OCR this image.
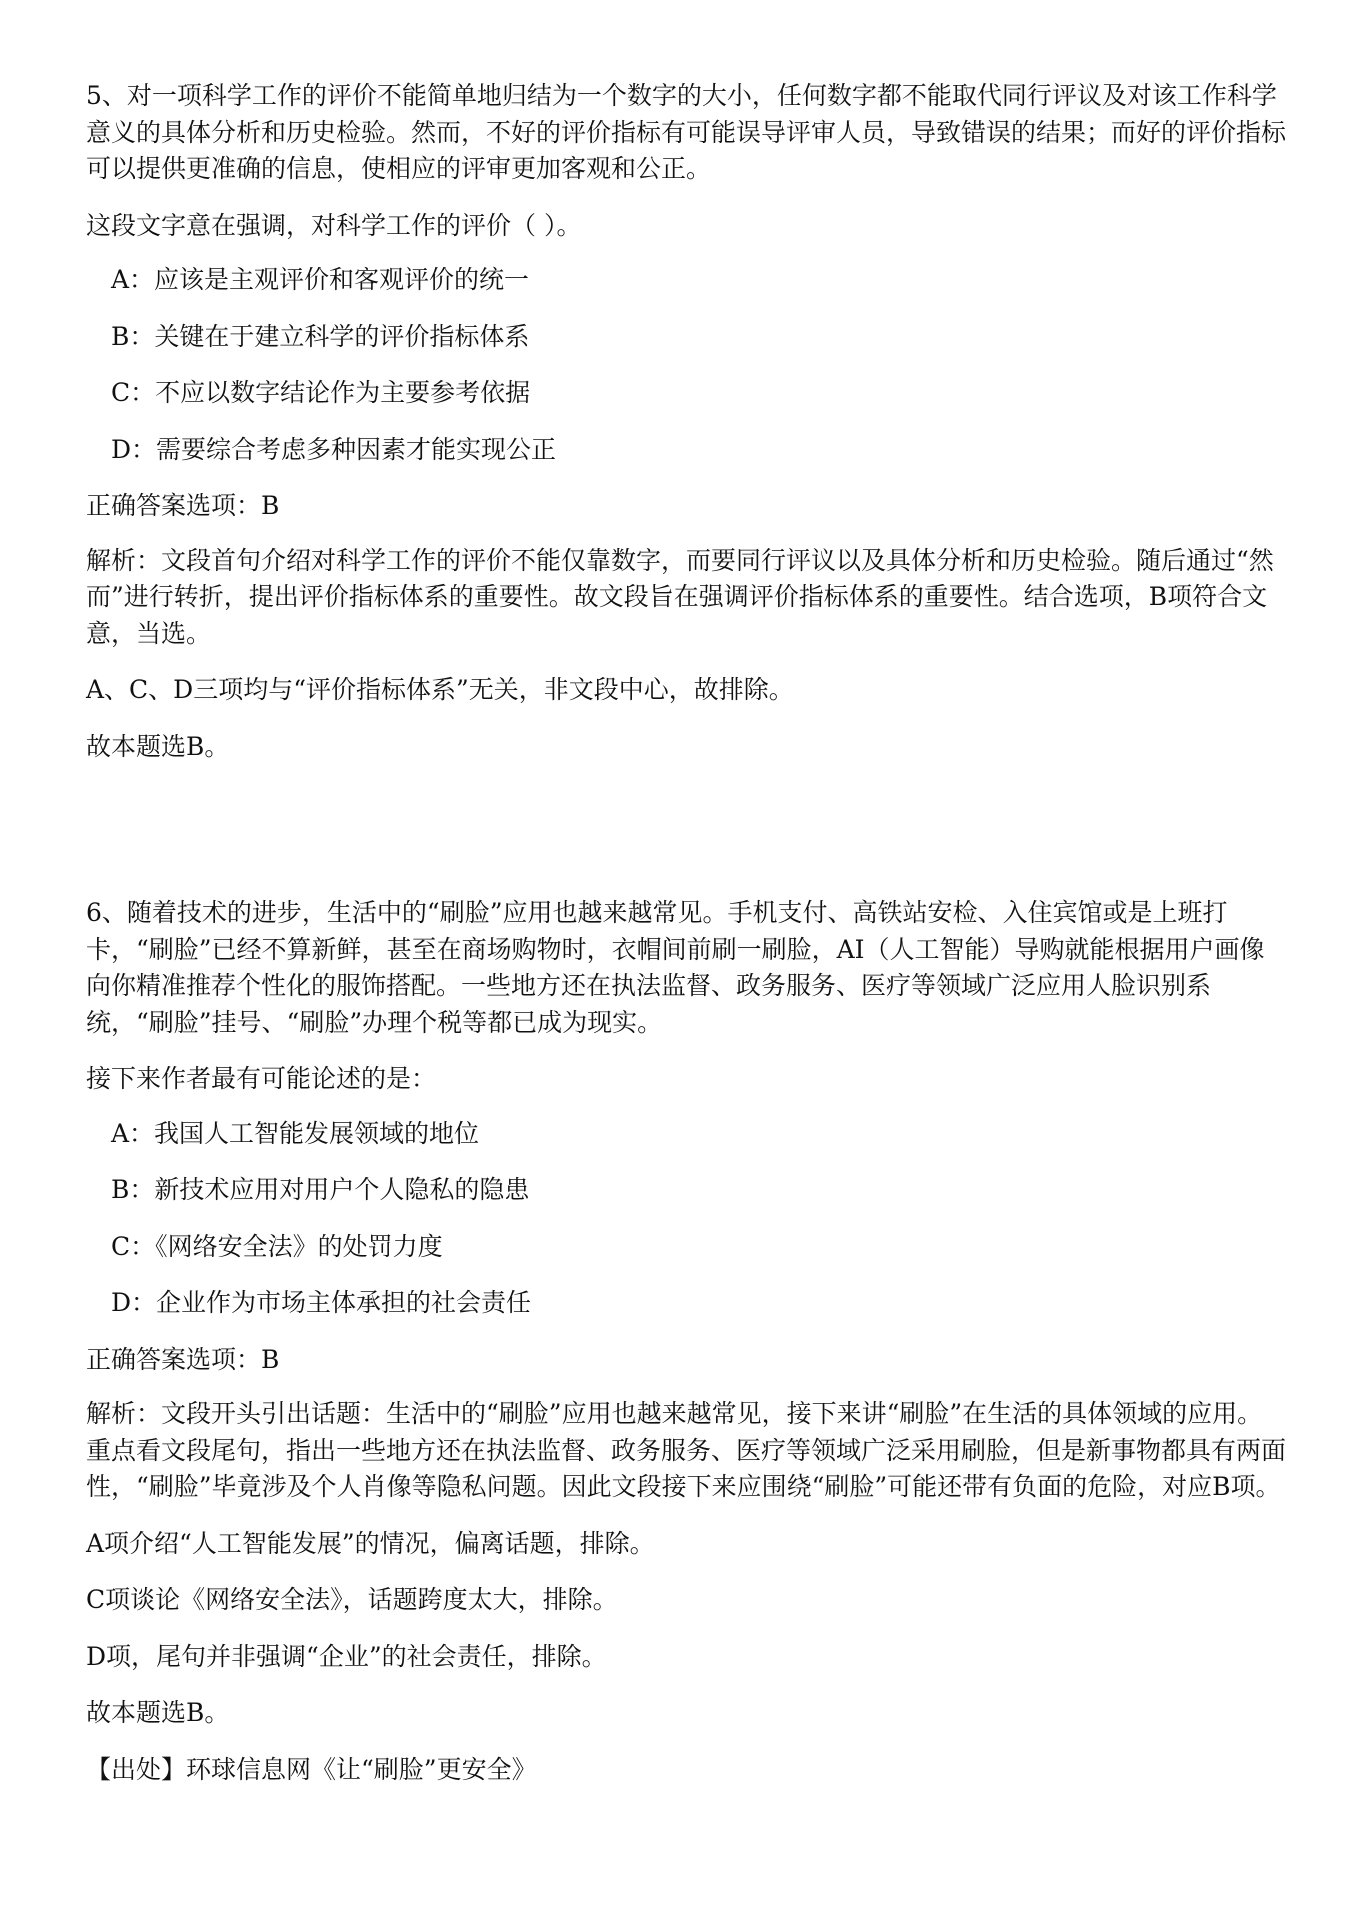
5、对一项科学工作的评价不能简单地归结为一个数字的大小，任何数字都不能取代同行评议及对该工作科学意义的具体分析和历史检验。然而，不好的评价指标有可能误导评审人员，导致错误的结果；而好的评价指标可以提供更准确的信息，使相应的评审更加客观和公正。

这段文字意在强调，对科学工作的评价（ ）。

A：应该是主观评价和客观评价的统一

B：关键在于建立科学的评价指标体系

C：不应以数字结论作为主要参考依据

D：需要综合考虑多种因素才能实现公正

正确答案选项：B

解析：文段首句介绍对科学工作的评价不能仅靠数字，而要同行评议以及具体分析和历史检验。随后通过“然而”进行转折，提出评价指标体系的重要性。故文段旨在强调评价指标体系的重要性。结合选项，B项符合文意，当选。

A、C、D三项均与“评价指标体系”无关，非文段中心，故排除。

故本题选B。

6、随着技术的进步，生活中的“刷脸”应用也越来越常见。手机支付、高铁站安检、入住宾馆或是上班打卡，“刷脸”已经不算新鲜，甚至在商场购物时，衣帽间前刷一刷脸，AI（人工智能）导购就能根据用户画像向你精准推荐个性化的服饰搭配。一些地方还在执法监督、政务服务、医疗等领域广泛应用人脸识别系统，“刷脸”挂号、“刷脸”办理个税等都已成为现实。

接下来作者最有可能论述的是：

A：我国人工智能发展领域的地位

B：新技术应用对用户个人隐私的隐患

C：《网络安全法》的处罚力度

D：企业作为市场主体承担的社会责任

正确答案选项：B

解析：文段开头引出话题：生活中的“刷脸”应用也越来越常见，接下来讲“刷脸”在生活的具体领域的应用。重点看文段尾句，指出一些地方还在执法监督、政务服务、医疗等领域广泛采用刷脸，但是新事物都具有两面性，“刷脸”毕竟涉及个人肖像等隐私问题。因此文段接下来应围绕“刷脸”可能还带有负面的危险，对应B项。

A项介绍“人工智能发展”的情况，偏离话题，排除。

C项谈论《网络安全法》，话题跨度太大，排除。

D项，尾句并非强调“企业”的社会责任，排除。

故本题选B。

【出处】环球信息网《让“刷脸”更安全》
